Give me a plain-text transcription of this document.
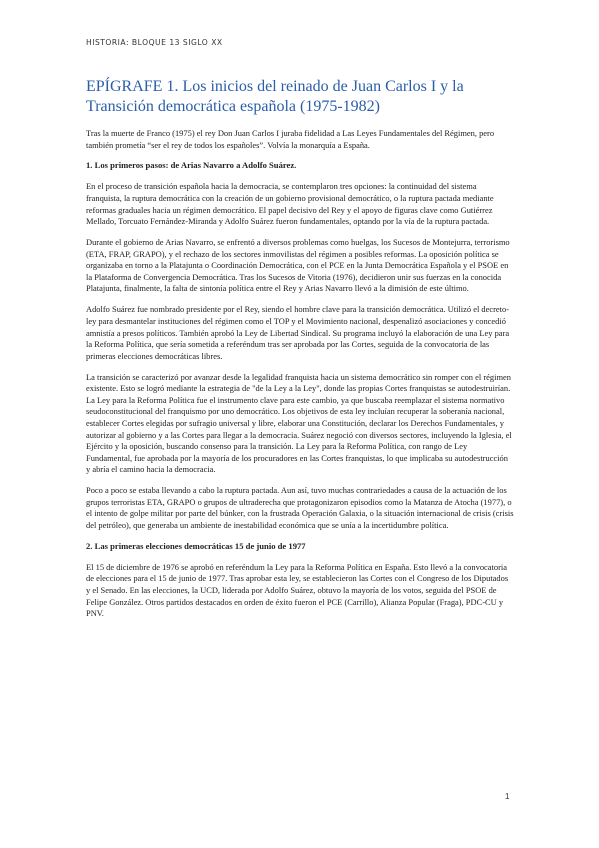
HISTORIA: BLOQUE 13 SIGLO XX
EPÍGRAFE 1. Los inicios del reinado de Juan Carlos I y la Transición democrática española (1975-1982)

Tras la muerte de Franco (1975) el rey Don Juan Carlos I juraba fidelidad a Las Leyes Fundamentales del Régimen, pero también prometía “ser el rey de todos los españoles”. Volvía la monarquía a España.

1. Los primeros pasos: de Arias Navarro a Adolfo Suárez.

En el proceso de transición española hacia la democracia, se contemplaron tres opciones: la continuidad del sistema franquista, la ruptura democrática con la creación de un gobierno provisional democrático, o la ruptura pactada mediante reformas graduales hacia un régimen democrático. El papel decisivo del Rey y el apoyo de figuras clave como Gutiérrez Mellado, Torcuato Fernández-Miranda y Adolfo Suárez fueron fundamentales, optando por la vía de la ruptura pactada.

Durante el gobierno de Arias Navarro, se enfrentó a diversos problemas como huelgas, los Sucesos de Montejurra, terrorismo (ETA, FRAP, GRAPO), y el rechazo de los sectores inmovilistas del régimen a posibles reformas. La oposición política se organizaba en torno a la Platajunta o Coordinación Democrática, con el PCE en la Junta Democrática Española y el PSOE en la Plataforma de Convergencia Democrática. Tras los Sucesos de Vitoria (1976), decidieron unir sus fuerzas en la conocida Platajunta, finalmente, la falta de sintonía política entre el Rey y Arias Navarro llevó a la dimisión de este último.

Adolfo Suárez fue nombrado presidente por el Rey, siendo el hombre clave para la transición democrática. Utilizó el decreto-ley para desmantelar instituciones del régimen como el TOP y el Movimiento nacional, despenalizó asociaciones y concedió amnistía a presos políticos. También aprobó la Ley de Libertad Sindical. Su programa incluyó la elaboración de una Ley para la Reforma Política, que sería sometida a referéndum tras ser aprobada por las Cortes, seguida de la convocatoria de las primeras elecciones democráticas libres.

La transición se caracterizó por avanzar desde la legalidad franquista hacia un sistema democrático sin romper con el régimen existente. Esto se logró mediante la estrategia de "de la Ley a la Ley", donde las propias Cortes franquistas se autodestruirían. La Ley para la Reforma Política fue el instrumento clave para este cambio, ya que buscaba reemplazar el sistema normativo seudoconstitucional del franquismo por uno democrático. Los objetivos de esta ley incluían recuperar la soberanía nacional, establecer Cortes elegidas por sufragio universal y libre, elaborar una Constitución, declarar los Derechos Fundamentales, y autorizar al gobierno y a las Cortes para llegar a la democracia. Suárez negoció con diversos sectores, incluyendo la Iglesia, el Ejército y la oposición, buscando consenso para la transición. La Ley para la Reforma Política, con rango de Ley Fundamental, fue aprobada por la mayoría de los procuradores en las Cortes franquistas, lo que implicaba su autodestrucción y abría el camino hacia la democracia.

Poco a poco se estaba llevando a cabo la ruptura pactada. Aun así, tuvo muchas contrariedades a causa de la actuación de los grupos terroristas ETA, GRAPO o grupos de ultraderecha que protagonizaron episodios como la Matanza de Atocha (1977), o el intento de golpe militar por parte del búnker, con la frustrada Operación Galaxia, o la situación internacional de crisis (crisis del petróleo), que generaba un ambiente de inestabilidad económica que se unía a la incertidumbre política.

2. Las primeras elecciones democráticas 15 de junio de 1977

El 15 de diciembre de 1976 se aprobó en referéndum la Ley para la Reforma Política en España. Esto llevó a la convocatoria de elecciones para el 15 de junio de 1977. Tras aprobar esta ley, se establecieron las Cortes con el Congreso de los Diputados y el Senado. En las elecciones, la UCD, liderada por Adolfo Suárez, obtuvo la mayoría de los votos, seguida del PSOE de Felipe González. Otros partidos destacados en orden de éxito fueron el PCE (Carrillo), Alianza Popular (Fraga), PDC-CU y PNV.

1
